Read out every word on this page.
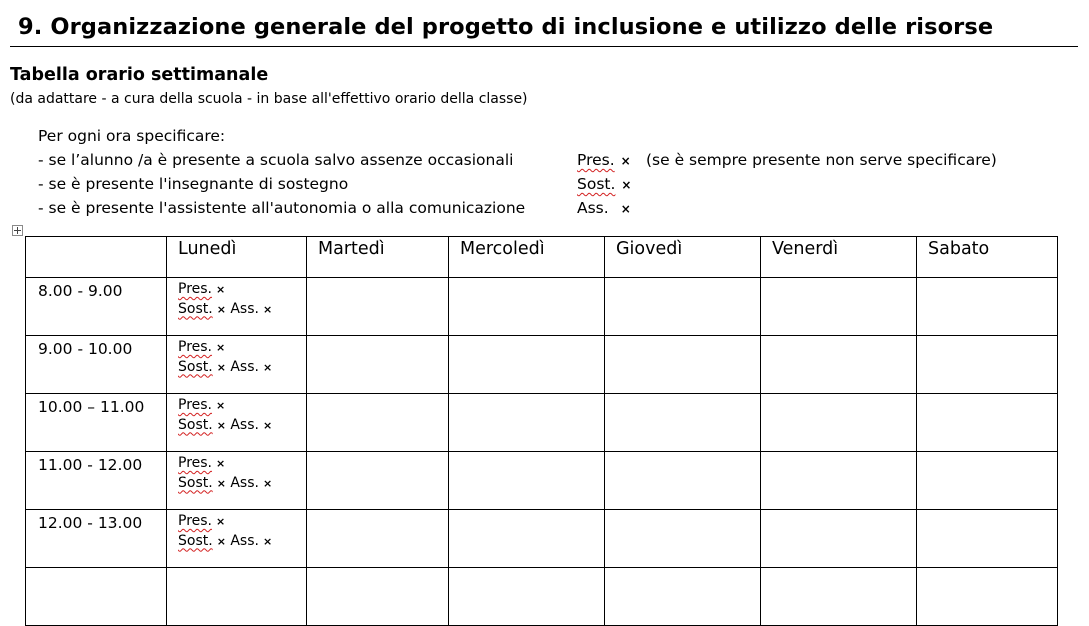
9. Organizzazione generale del progetto di inclusione e utilizzo delle risorse
Tabella orario settimanale
(da adattare - a cura della scuola - in base all'effettivo orario della classe)
Per ogni ora specificare:
- se l’alunno /a è presente a scuola salvo assenze occasionali	Pres. × (se è sempre presente non serve specificare)
- se è presente l'insegnante di sostegno	Sost. ×
- se è presente l'assistente all'autonomia o alla comunicazione	Ass. ×
	Lunedì	Martedì	Mercoledì	Giovedì	Venerdì	Sabato
8.00 - 9.00	Pres. ×
Sost. × Ass. ×					

9.00 - 10.00	Pres. ×
Sost. × Ass. ×					

10.00 – 11.00	Pres. ×
Sost. × Ass. ×					

11.00 - 12.00	Pres. ×
Sost. × Ass. ×					

12.00 - 13.00	Pres. ×
Sost. × Ass. ×					
